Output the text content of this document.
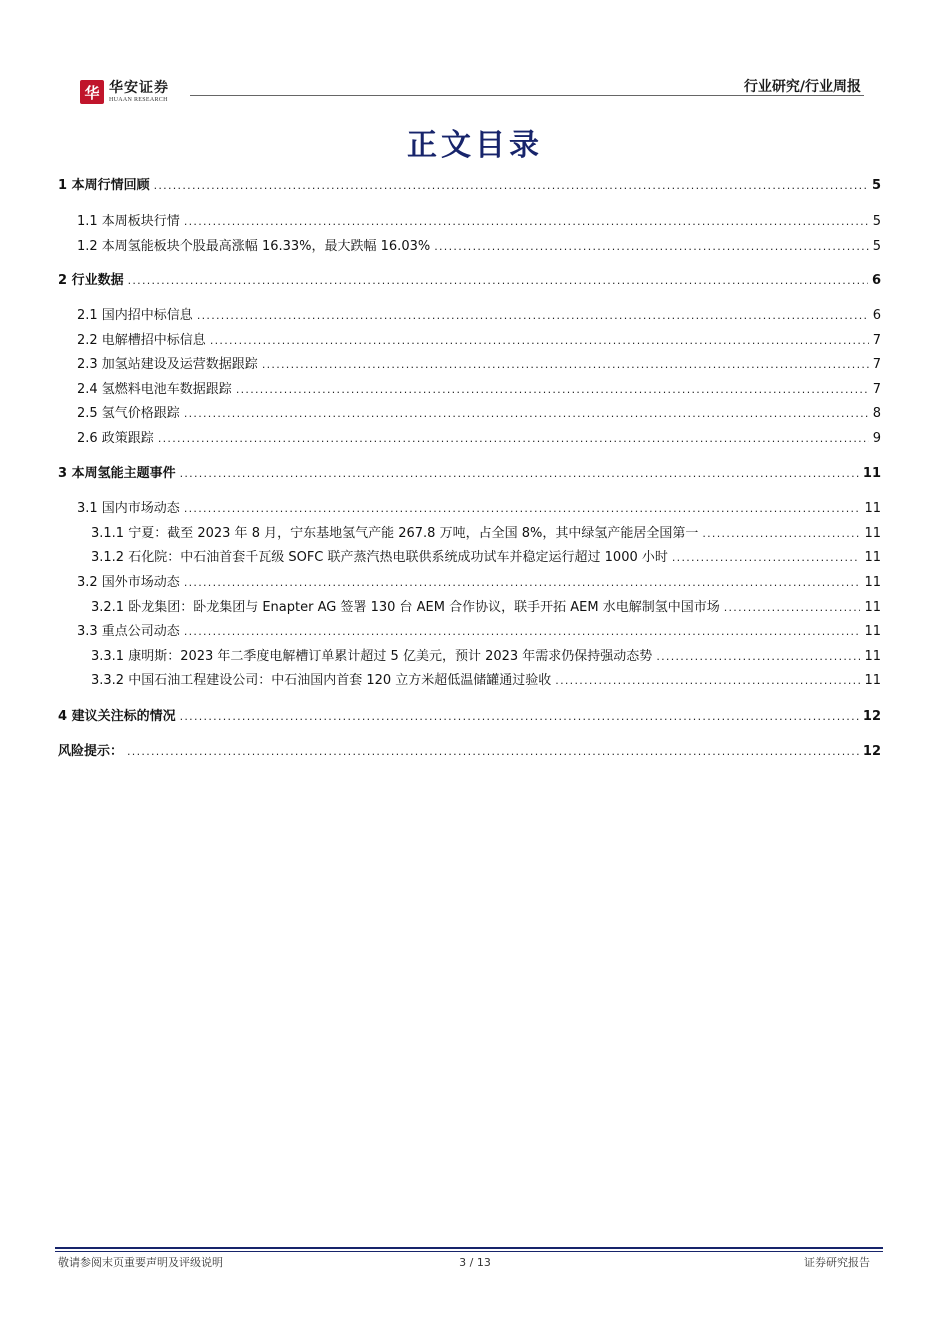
华 华安证券
HUAAN RESEARCH
行业研究/行业周报
正文目录
1 本周行情回顾 .....	5
1.1 本周板块行情 .....	5
1.2 本周氢能板块个股最高涨幅 16.33%，最大跌幅 16.03% .....	5
2 行业数据 .....	6
2.1 国内招中标信息 .....	6
2.2 电解槽招中标信息 .....	7
2.3 加氢站建设及运营数据跟踪 .....	7
2.4 氢燃料电池车数据跟踪 .....	7
2.5 氢气价格跟踪 .....	8
2.6 政策跟踪 .....	9
3 本周氢能主题事件 .....	11
3.1 国内市场动态 .....	11
3.1.1 宁夏：截至 2023 年 8 月，宁东基地氢气产能 267.8 万吨，占全国 8%，其中绿氢产能居全国第一 .....	11
3.1.2 石化院：中石油首套千瓦级 SOFC 联产蒸汽热电联供系统成功试车并稳定运行超过 1000 小时 .....	11
3.2 国外市场动态 .....	11
3.2.1 卧龙集团：卧龙集团与 Enapter AG 签署 130 台 AEM 合作协议，联手开拓 AEM 水电解制氢中国市场 .....	11
3.3 重点公司动态 .....	11
3.3.1 康明斯：2023 年二季度电解槽订单累计超过 5 亿美元，预计 2023 年需求仍保持强动态势 .....	11
3.3.2 中国石油工程建设公司：中石油国内首套 120 立方米超低温储罐通过验收 .....	11
4 建议关注标的情况 .....	12
风险提示： .....	12
敬请参阅末页重要声明及评级说明	3 / 13	证券研究报告
